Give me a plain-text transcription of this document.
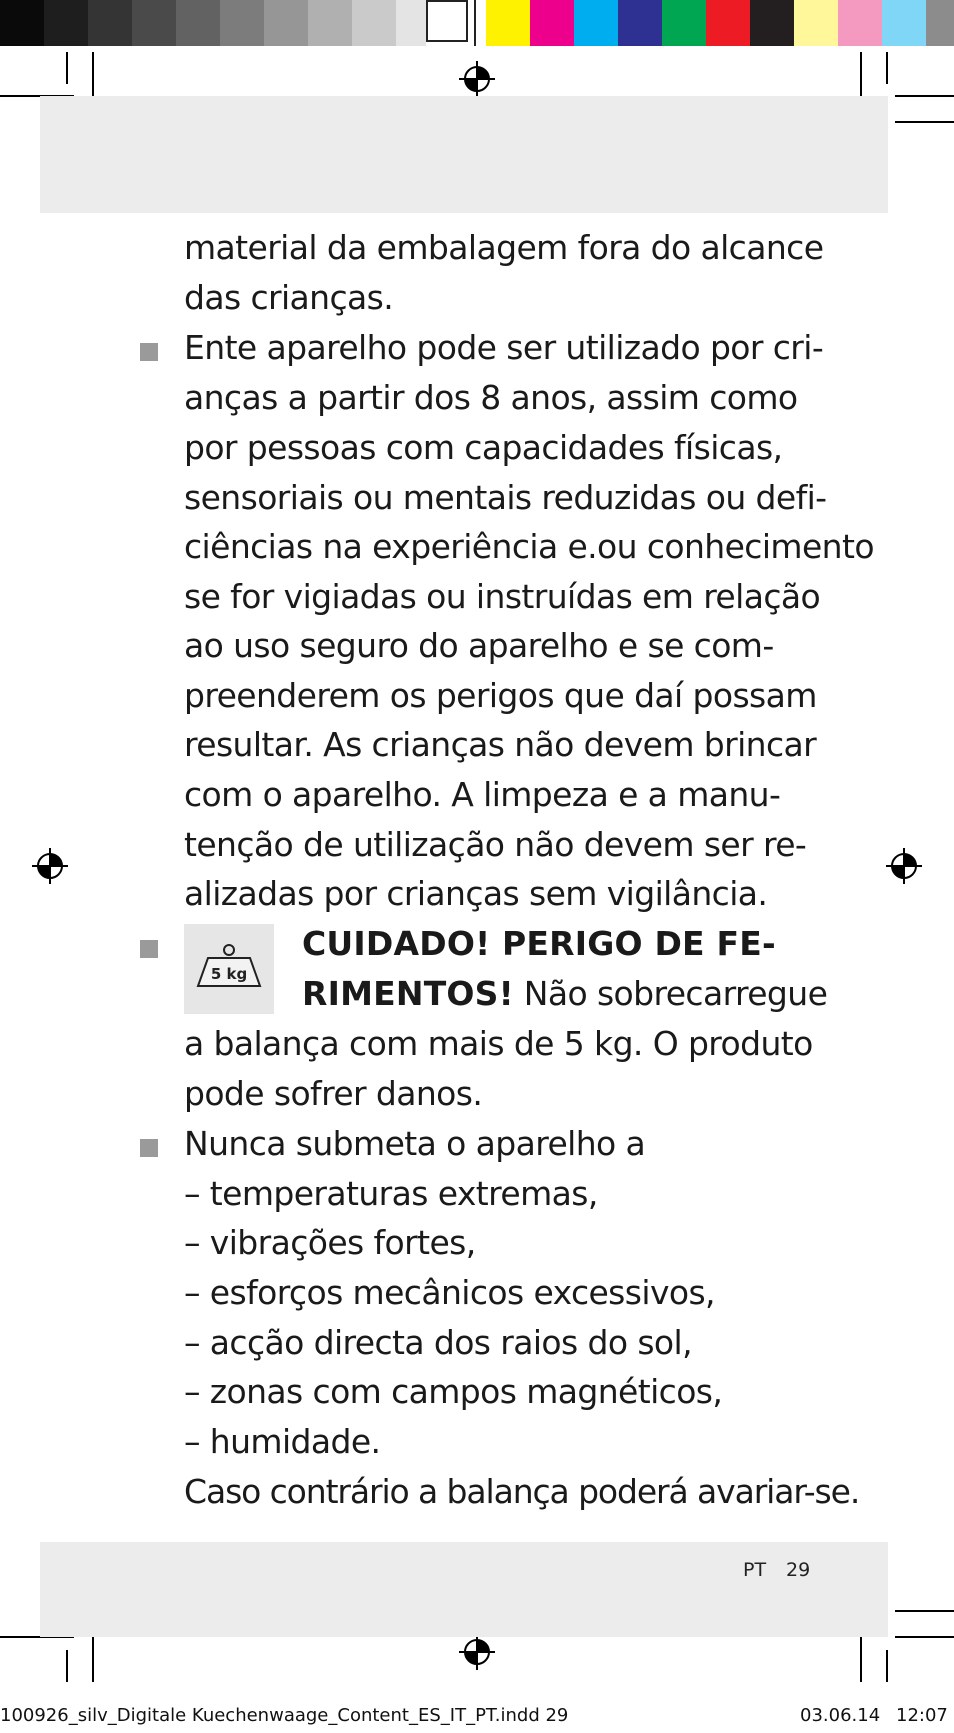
material da embalagem fora do alcance
das crianças.
Ente aparelho pode ser utilizado por cri-
anças a partir dos 8 anos, assim como
por pessoas com capacidades físicas,
sensoriais ou mentais reduzidas ou defi-
ciências na experiência e.ou conhecimento
se for vigiadas ou instruídas em relação
ao uso seguro do aparelho e se com-
preenderem os perigos que daí possam
resultar. As crianças não devem brincar
com o aparelho. A limpeza e a manu-
tenção de utilização não devem ser re-
alizadas por crianças sem vigilância.
5 kg
CUIDADO! PERIGO DE FE-
RIMENTOS! Não sobrecarregue
a balança com mais de 5 kg. O produto
pode sofrer danos.
Nunca submeta o aparelho a
– temperaturas extremas,
– vibrações fortes,
– esforços mecânicos excessivos,
– acção directa dos raios do sol,
– zonas com campos magnéticos,
– humidade.
Caso contrário a balança poderá avariar-se.
PT 29
100926_silv_Digitale Kuechenwaage_Content_ES_IT_PT.indd 29	03.06.14 12:07
